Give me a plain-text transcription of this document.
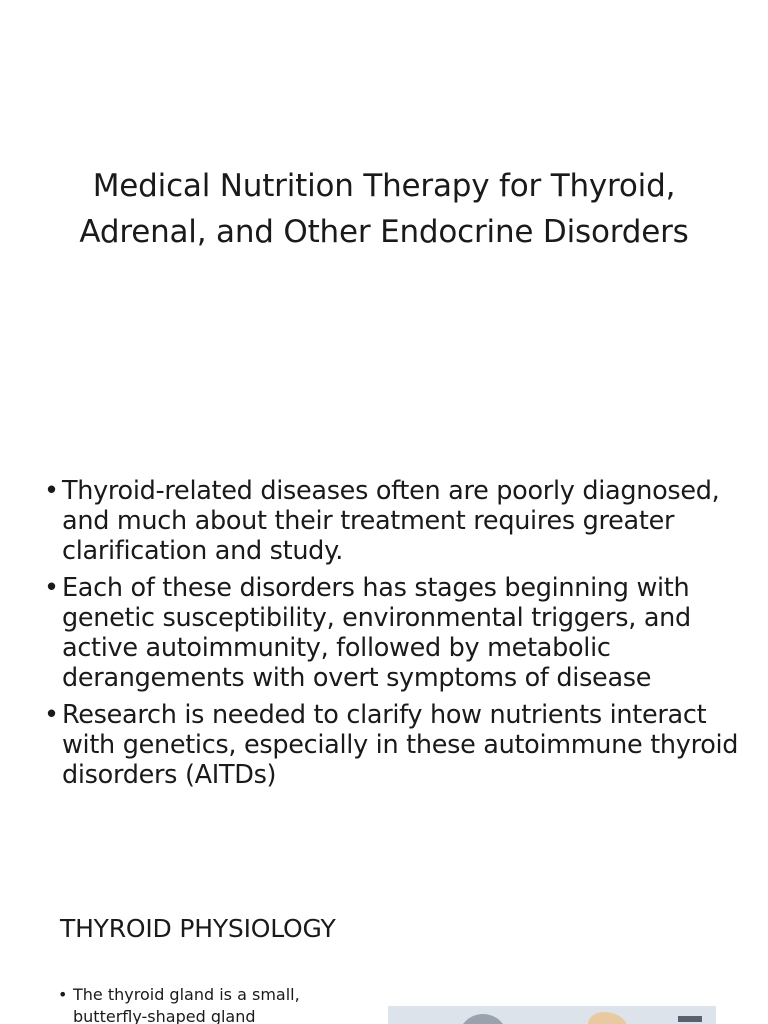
Medical Nutrition Therapy for Thyroid, Adrenal, and Other Endocrine Disorders
• Thyroid-related diseases often are poorly diagnosed, and much about their treatment requires greater clarification and study.
• Each of these disorders has stages beginning with genetic susceptibility, environmental triggers, and active autoimmunity, followed by metabolic derangements with overt symptoms of disease
• Research is needed to clarify how nutrients interact with genetics, especially in these autoimmune thyroid disorders (AITDs)
THYROID PHYSIOLOGY
• The thyroid gland is a small, butterfly-shaped gland
